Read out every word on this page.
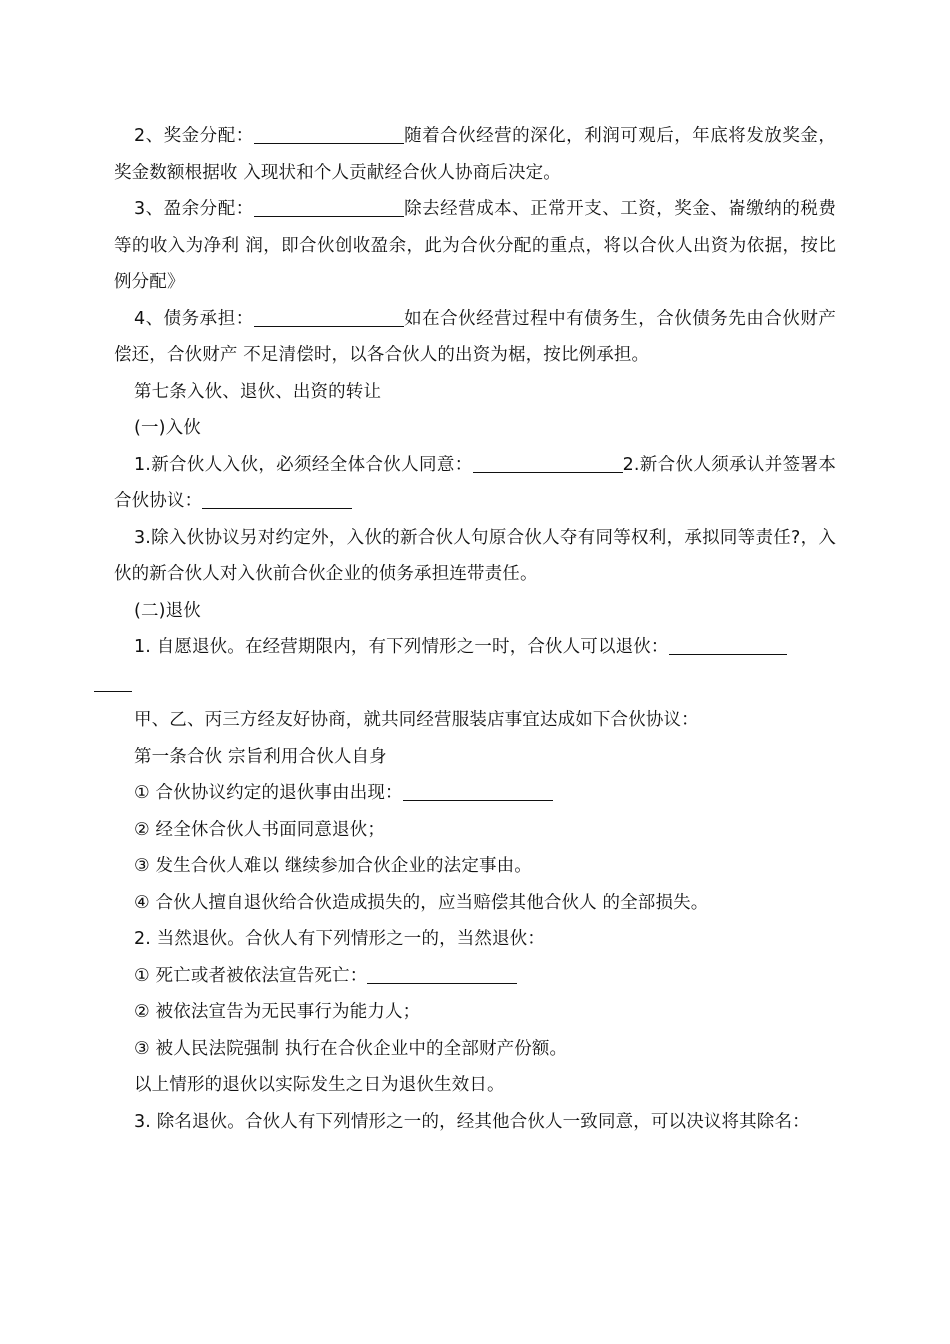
2、奖金分配：	随着合伙经营的深化，利润可观后，年底将发放奖金，奖金数额根据收 入现状和个人贡献经合伙人协商后决定。

3、盈余分配：	除去经营成本、正常开支、工资，奖金、崙缴纳的税费等的收入为净利 润，即合伙创收盈余，此为合伙分配的重点，将以合伙人出资为依据，按比例分配》

4、债务承担：	如在合伙经营过程中有债务生，合伙债务先由合伙财产偿还，合伙财产 不足清偿时，以各合伙人的出资为椐，按比例承担。

第七条入伙、退伙、出资的转让

(一)入伙

1.新合伙人入伙，必须经全体合伙人同意：	2.新合伙人须承认并签署本合伙协议：

3.除入伙协议另对约定外，入伙的新合伙人句原合伙人夺有同等权利，承拟同等责任?，入 伙的新合伙人对入伙前合伙企业的侦务承担连带责任。

(二)退伙

1. 自愿退伙。在经营期限内，有下列情形之一时，合伙人可以退伙：

甲、乙、丙三方经友好协商，就共同经营服装店事宜达成如下合伙协议：

第一条合伙 宗旨利用合伙人自身

① 合伙协议约定的退伙事由出现：

② 经全休合伙人书面同意退伙；

③ 发生合伙人难以 继续参加合伙企业的法定事由。

④ 合伙人擅自退伙给合伙造成损失的，应当赔偿其他合伙人 的全部损失。

2. 当然退伙。合伙人有下列情形之一的，当然退伙：

① 死亡或者被依法宣告死亡：

② 被依法宣告为无民事行为能力人；

③ 被人民法院强制 执行在合伙企业中的全部财产份额。

以上情形的退伙以实际发生之日为退伙生效日。

3. 除名退伙。合伙人有下列情形之一的，经其他合伙人一致同意，可以决议将其除名：
